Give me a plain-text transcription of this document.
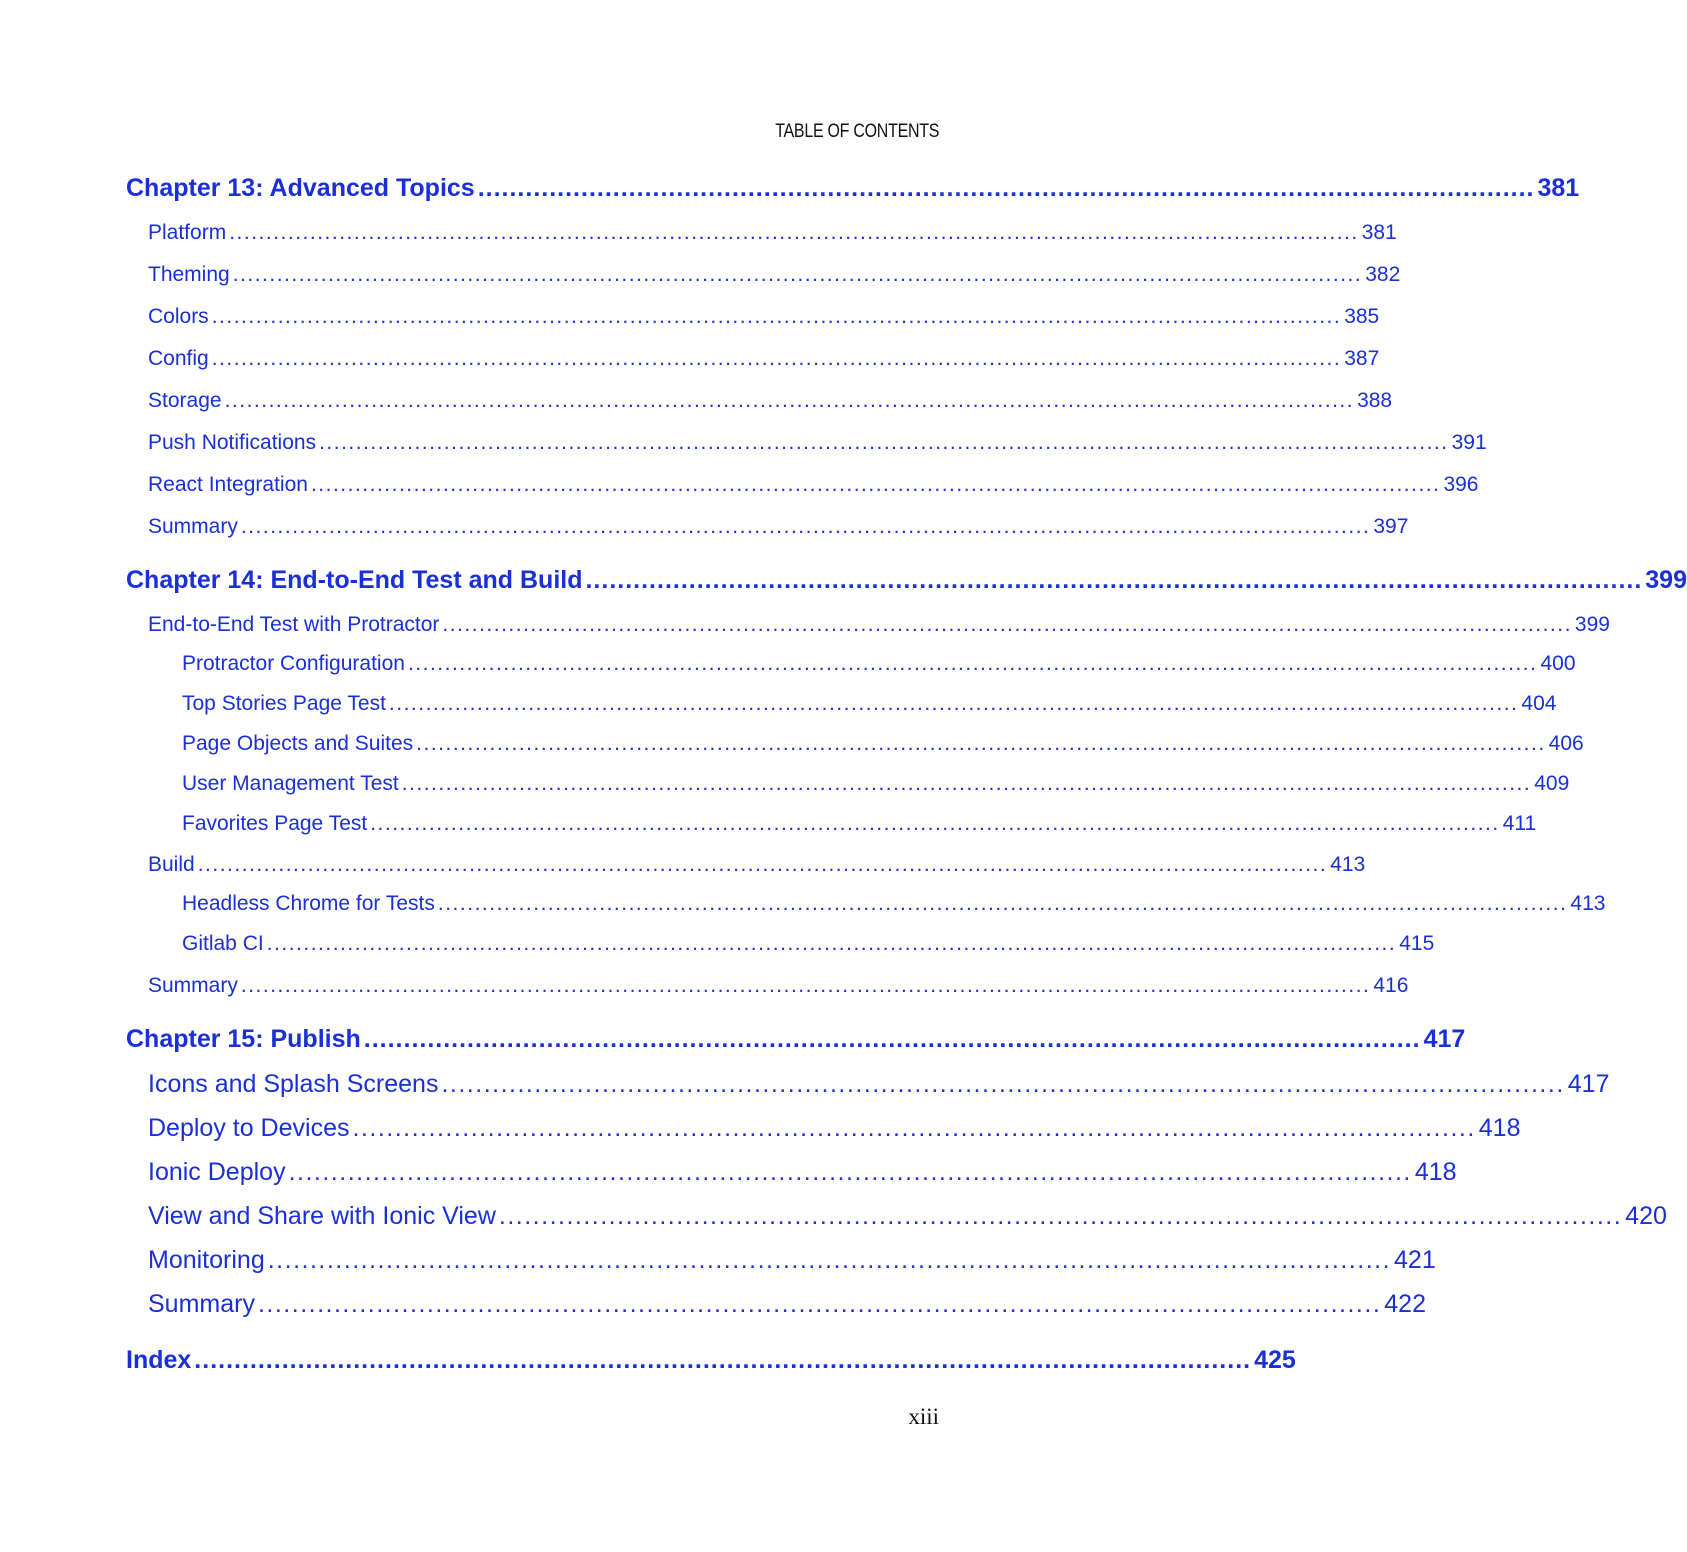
TABLE OF CONTENTS
Chapter 13: Advanced Topics ..................................................................................................................................... 381
Platform .......................................................................................................................................................... 381
Theming .......................................................................................................................................................... 382
Colors .......................................................................................................................................................... 385
Config .......................................................................................................................................................... 387
Storage .......................................................................................................................................................... 388
Push Notifications .......................................................................................................................................................... 391
React Integration .......................................................................................................................................................... 396
Summary .......................................................................................................................................................... 397
Chapter 14: End-to-End Test and Build ..................................................................................................................................... 399
End-to-End Test with Protractor .......................................................................................................................................................... 399
Protractor Configuration .......................................................................................................................................................... 400
Top Stories Page Test .......................................................................................................................................................... 404
Page Objects and Suites .......................................................................................................................................................... 406
User Management Test .......................................................................................................................................................... 409
Favorites Page Test .......................................................................................................................................................... 411
Build .......................................................................................................................................................... 413
Headless Chrome for Tests .......................................................................................................................................................... 413
Gitlab CI .......................................................................................................................................................... 415
Summary .......................................................................................................................................................... 416
Chapter 15: Publish ..................................................................................................................................... 417
Icons and Splash Screens ..................................................................................................................................... 417
Deploy to Devices ..................................................................................................................................... 418
Ionic Deploy ..................................................................................................................................... 418
View and Share with Ionic View ..................................................................................................................................... 420
Monitoring ..................................................................................................................................... 421
Summary ..................................................................................................................................... 422
Index ..................................................................................................................................... 425
xiii
